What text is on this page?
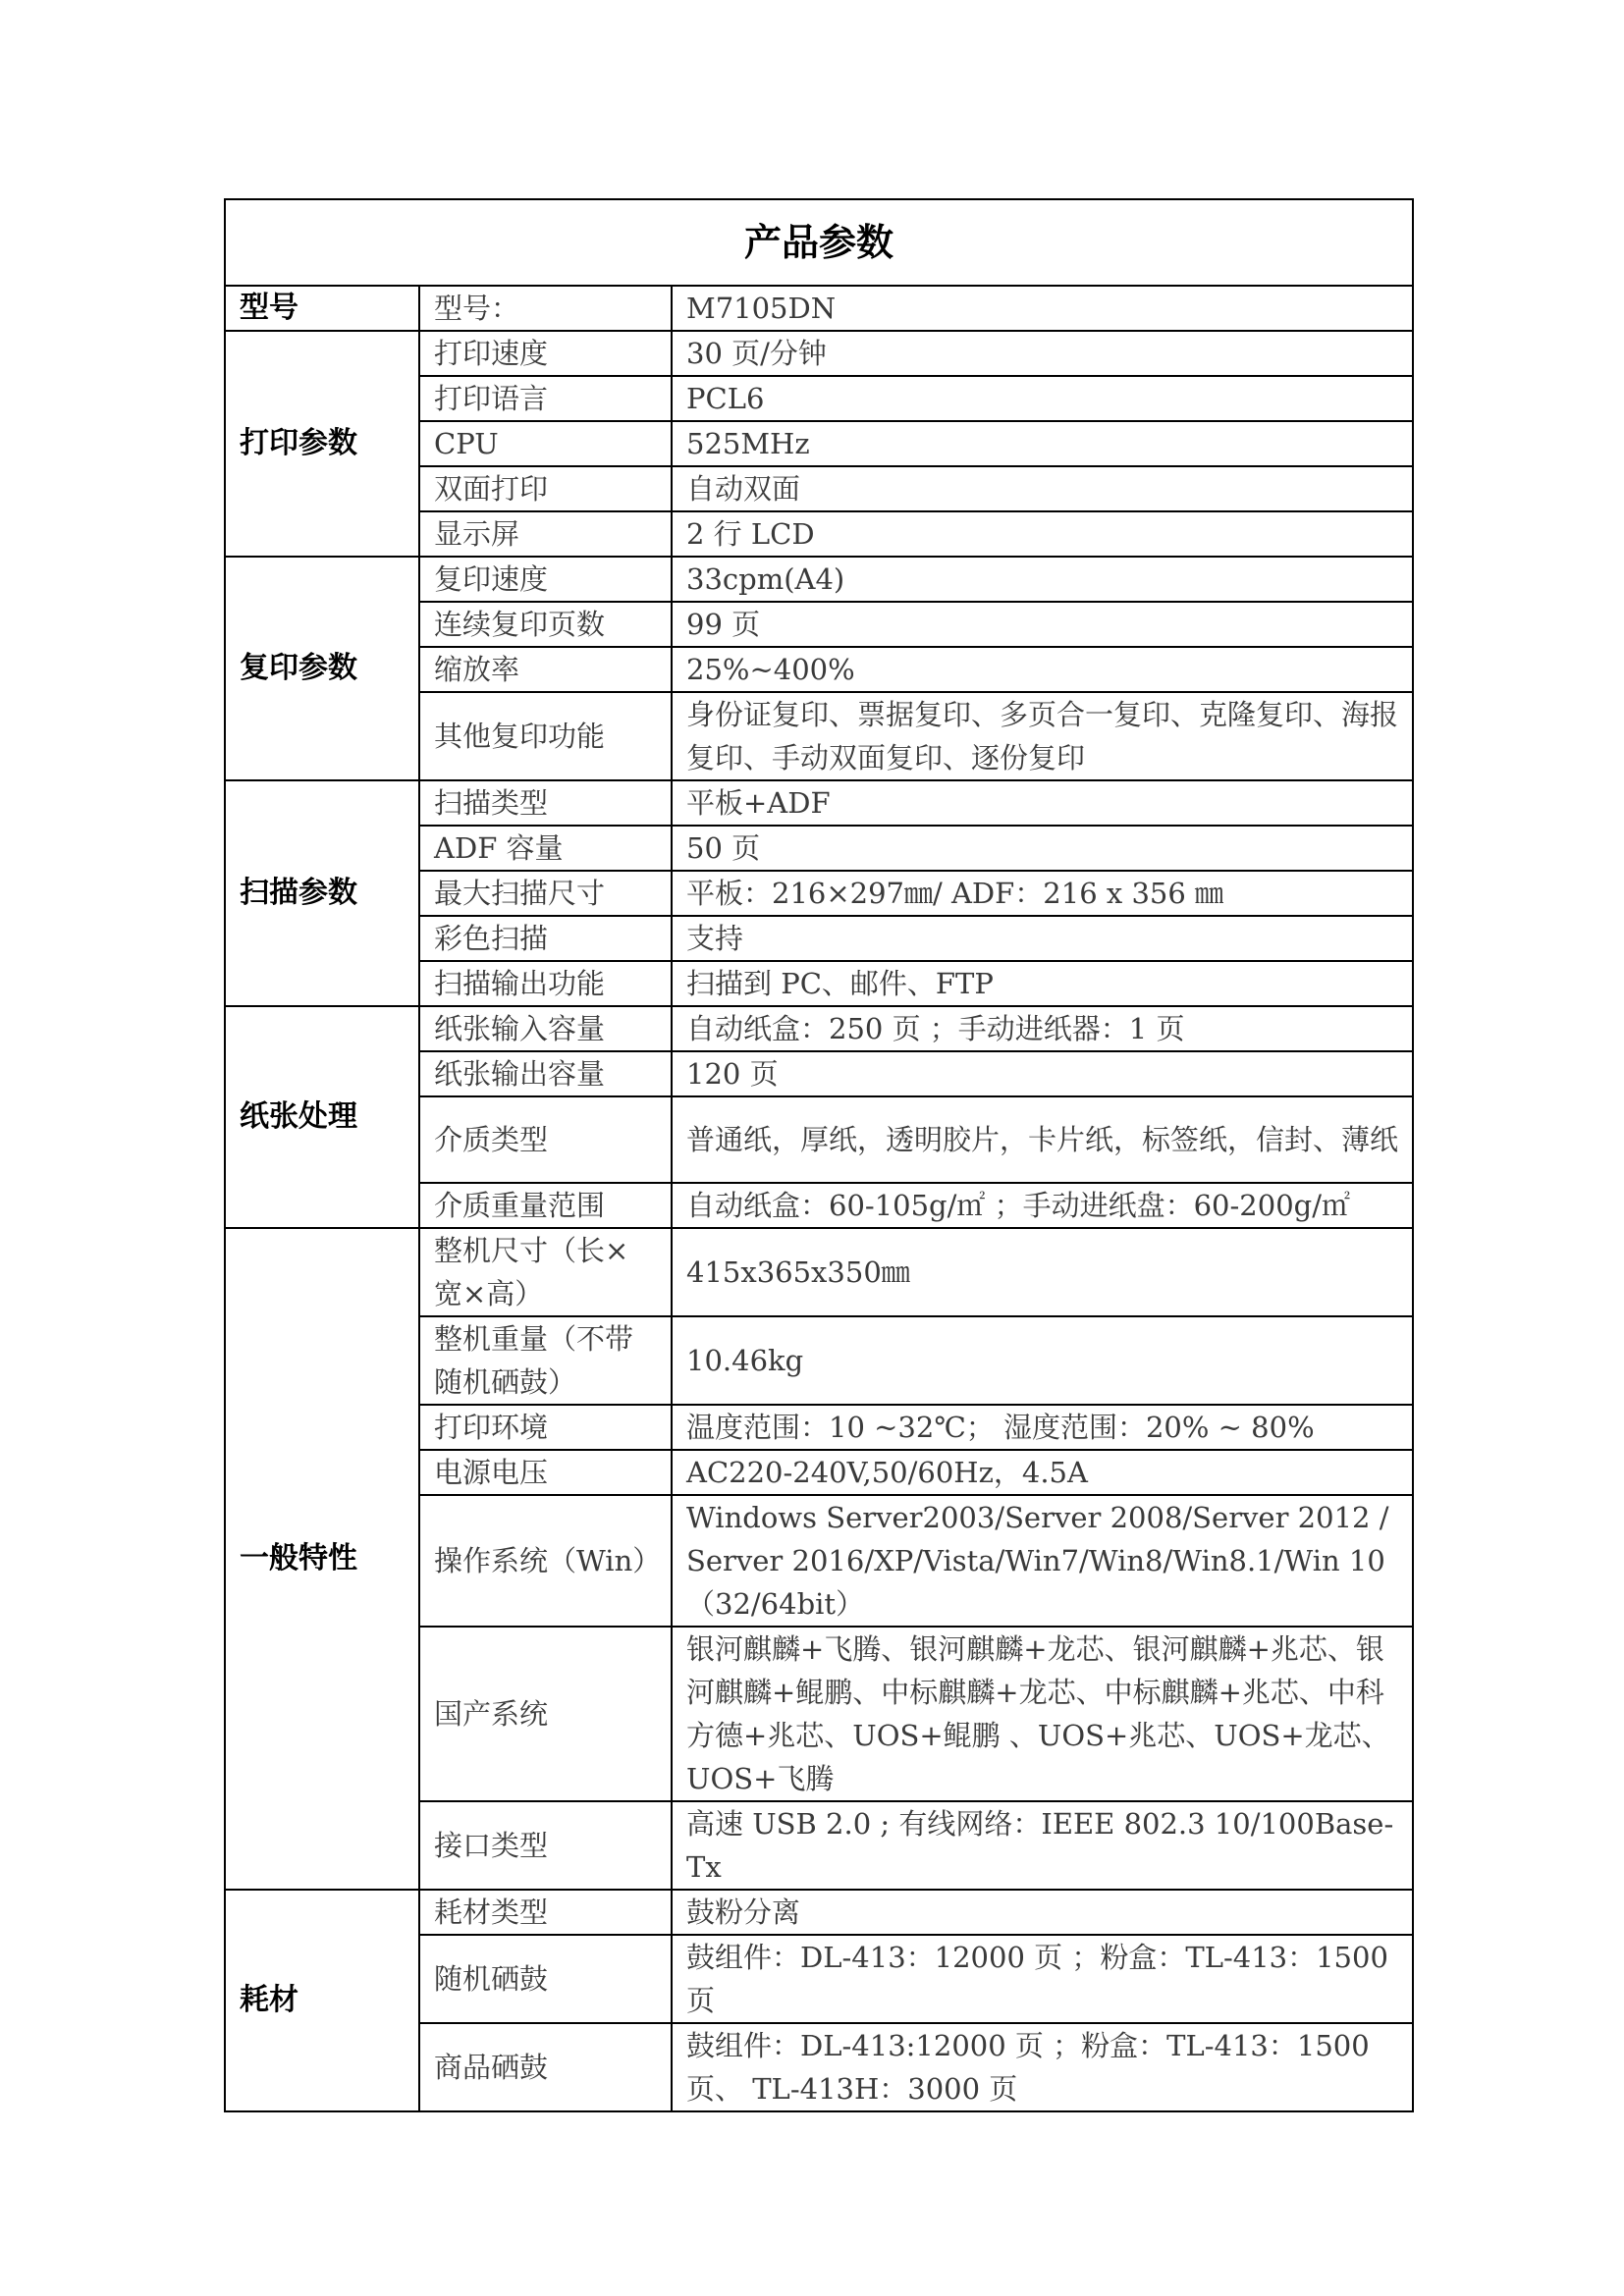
产品参数		
型号	型号：	M7105DN
打印参数	打印速度	30 页/分钟
	打印语言	PCL6
	CPU	525MHz
	双面打印	自动双面
	显示屏	2 行 LCD
复印参数	复印速度	33cpm(A4)
	连续复印页数	99 页
	缩放率	25%~400%
	其他复印功能	身份证复印、票据复印、多页合一复印、克隆复印、海报复印、手动双面复印、逐份复印
扫描参数	扫描类型	平板+ADF
	ADF 容量	50 页
	最大扫描尺寸	平板：216×297㎜/ ADF：216 x 356 ㎜
	彩色扫描	支持
	扫描输出功能	扫描到 PC、邮件、FTP
纸张处理	纸张输入容量	自动纸盒：250 页 ；手动进纸器：1 页
	纸张输出容量	120 页
	介质类型	普通纸，厚纸，透明胶片，卡片纸，标签纸，信封、薄纸
	介质重量范围	自动纸盒：60-105g/㎡ ；手动进纸盘：60-200g/㎡
一般特性	整机尺寸（长×宽×高）	415x365x350㎜
	整机重量（不带随机硒鼓）	10.46kg
	打印环境	温度范围：10 ~32℃； 湿度范围：20% ~ 80%
	电源电压	AC220-240V,50/60Hz，4.5A
	操作系统（Win）	Windows Server2003/Server 2008/Server 2012 /Server 2016/XP/Vista/Win7/Win8/Win8.1/Win 10 （32/64bit）
	国产系统	银河麒麟+飞腾、银河麒麟+龙芯、银河麒麟+兆芯、银河麒麟+鲲鹏、中标麒麟+龙芯、中标麒麟+兆芯、中科方德+兆芯、UOS+鲲鹏 、UOS+兆芯、UOS+龙芯、UOS+飞腾
	接口类型	高速 USB 2.0 ; 有线网络：IEEE 802.3 10/100Base-Tx
耗材	耗材类型	鼓粉分离
	随机硒鼓	鼓组件：DL-413：12000 页 ；粉盒：TL-413：1500 页
	商品硒鼓	鼓组件：DL-413:12000 页 ；粉盒：TL-413：1500 页、 TL-413H：3000 页
